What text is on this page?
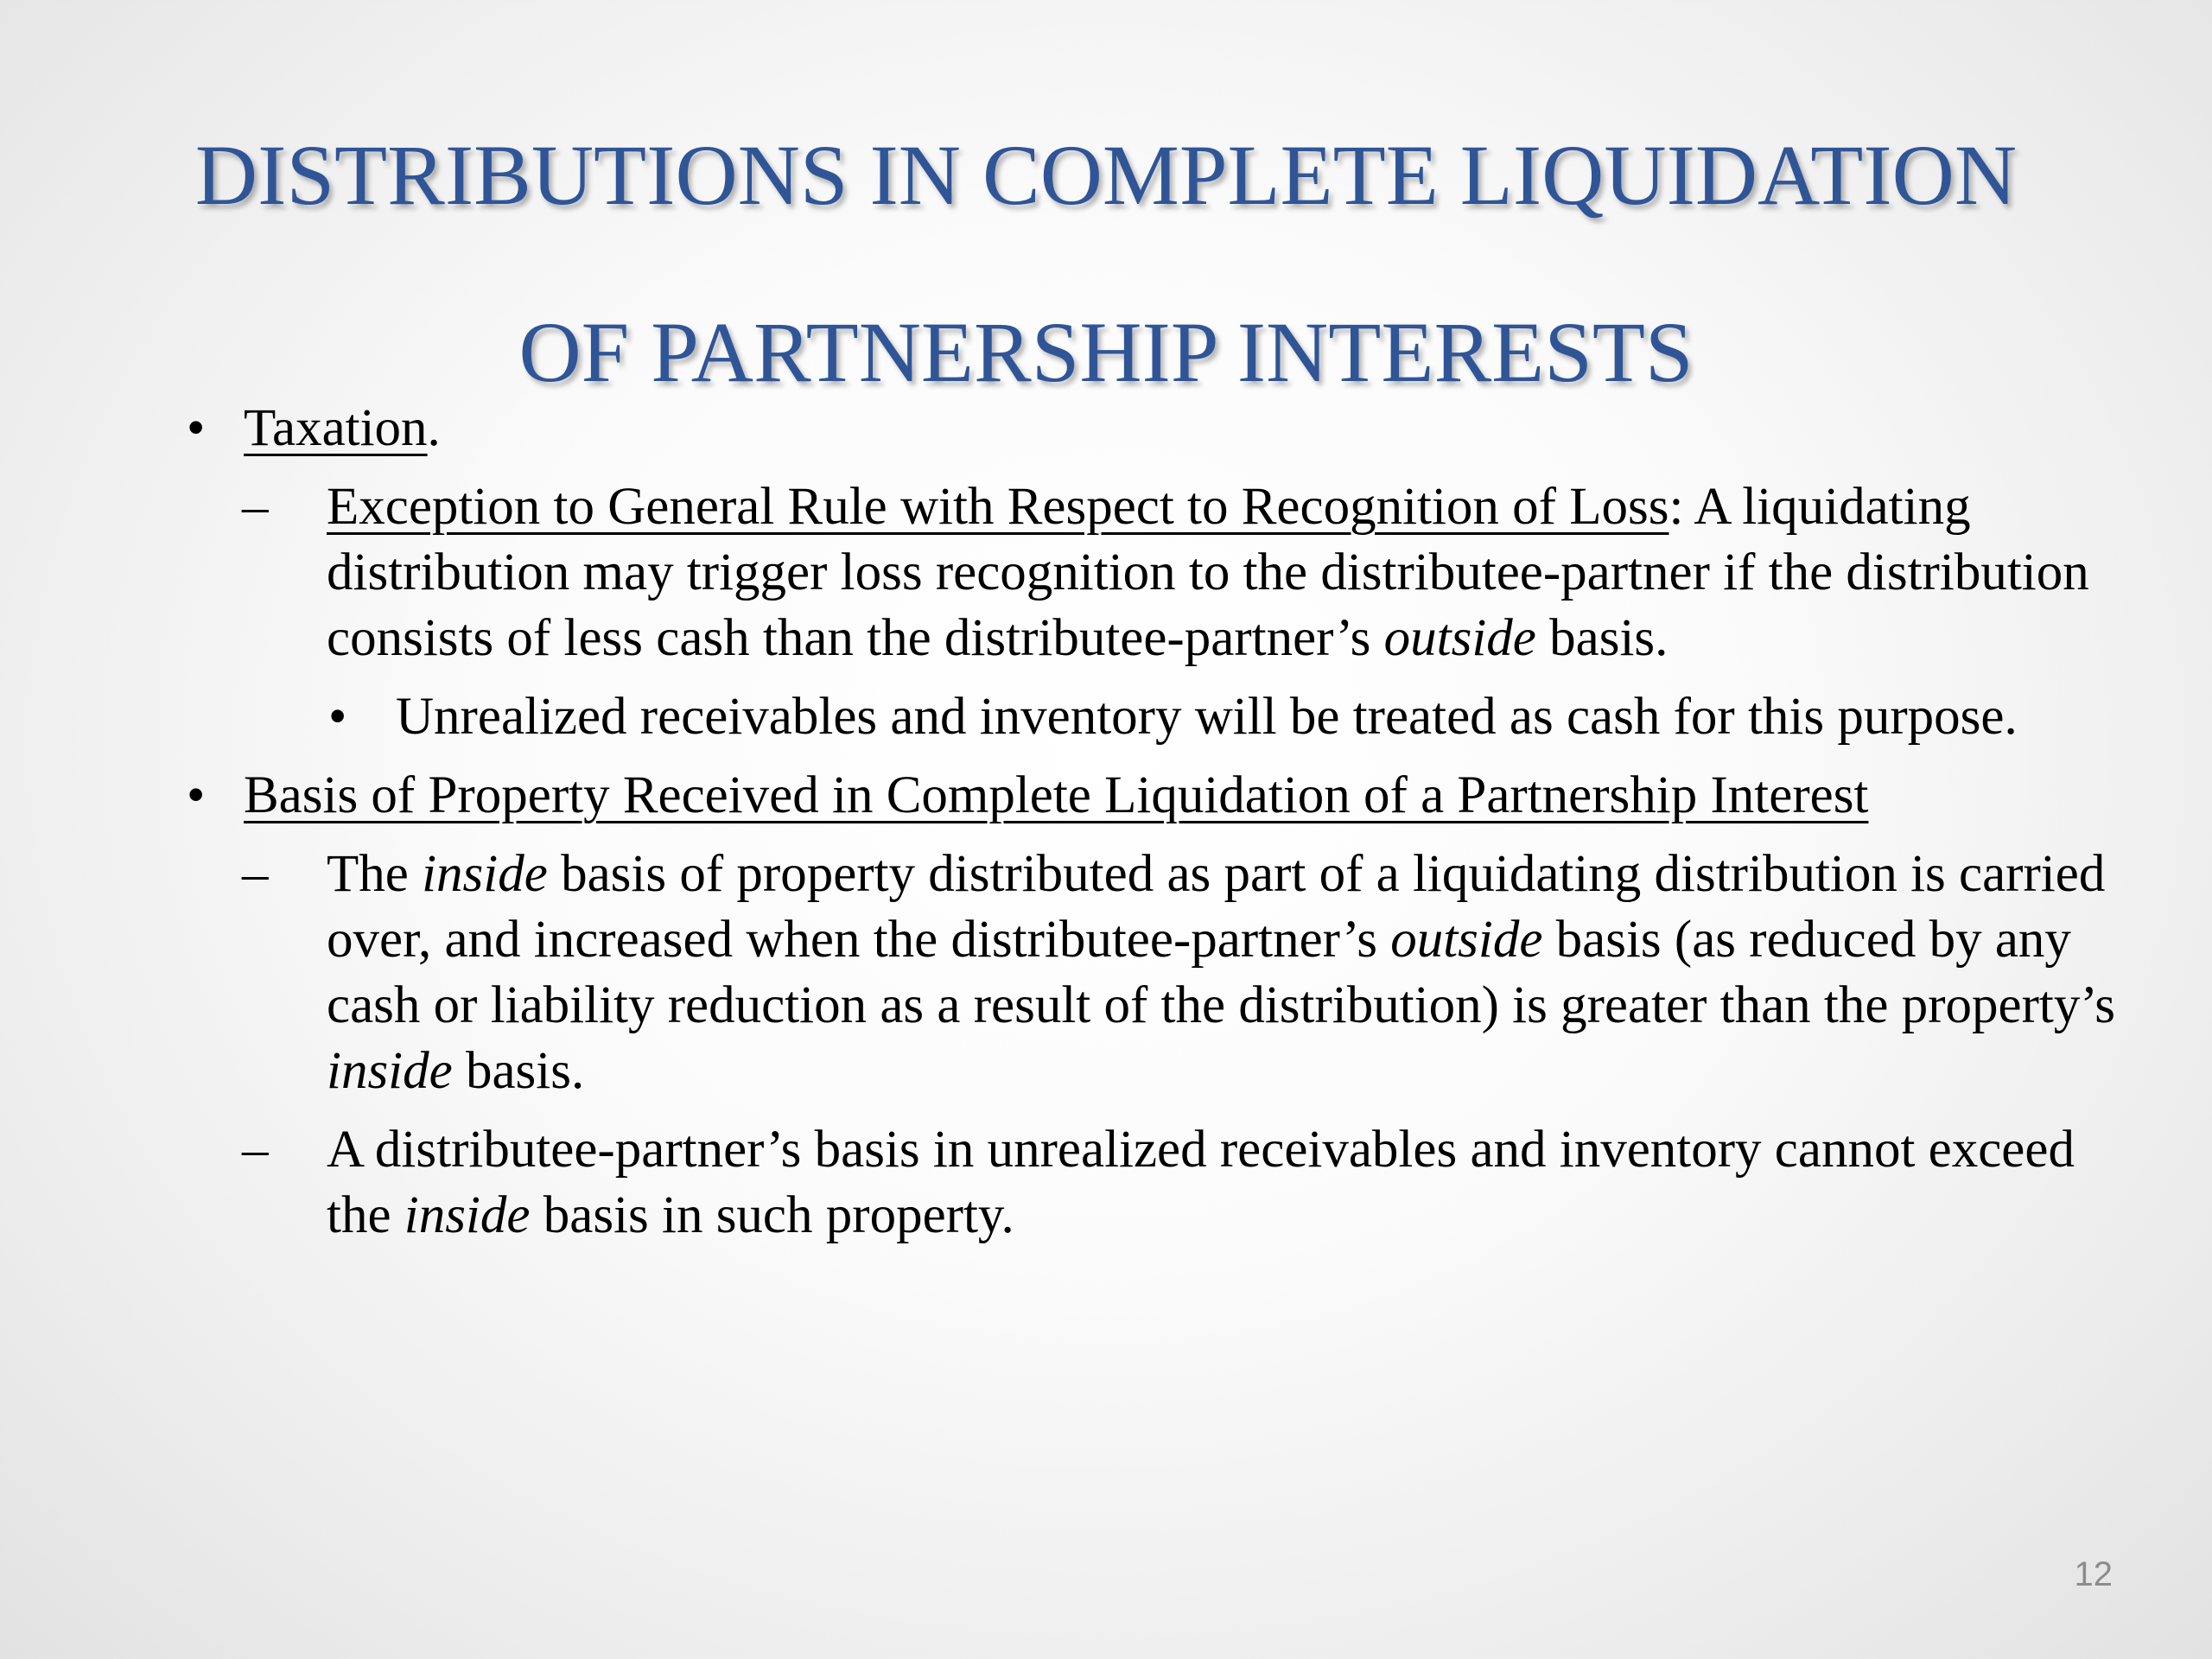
DISTRIBUTIONS IN COMPLETE LIQUIDATION
OF PARTNERSHIP INTERESTS
• Taxation.
– Exception to General Rule with Respect to Recognition of Loss: A liquidating distribution may trigger loss recognition to the distributee-partner if the distribution consists of less cash than the distributee-partner’s outside basis.
• Unrealized receivables and inventory will be treated as cash for this purpose.
• Basis of Property Received in Complete Liquidation of a Partnership Interest
– The inside basis of property distributed as part of a liquidating distribution is carried over, and increased when the distributee-partner’s outside basis (as reduced by any cash or liability reduction as a result of the distribution) is greater than the property’s inside basis.
– A distributee-partner’s basis in unrealized receivables and inventory cannot exceed the inside basis in such property.
12
